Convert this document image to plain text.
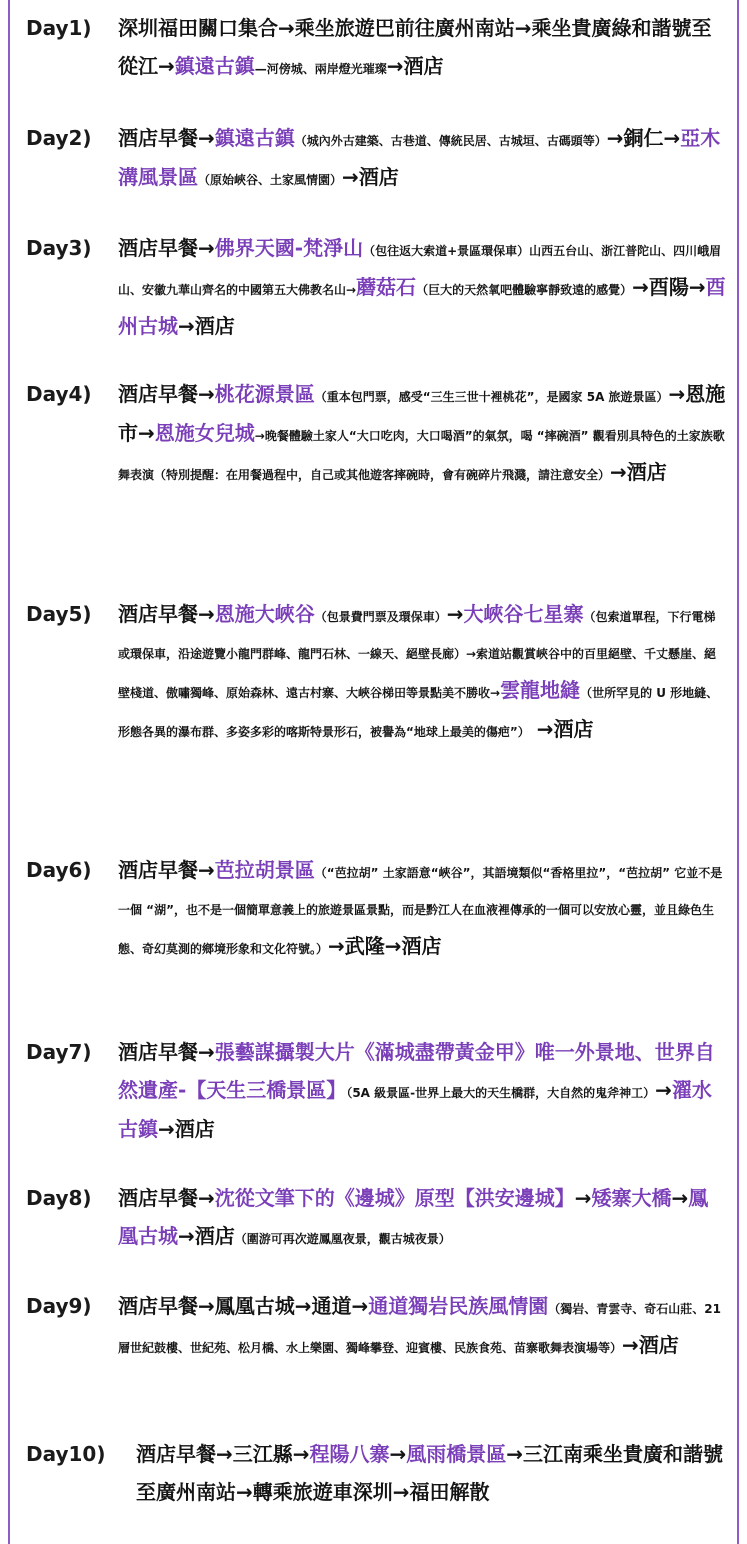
Day1) 深圳福田關口集合→乘坐旅遊巴前往廣州南站→乘坐貴廣綠和諧號至從江→鎮遠古鎮—河傍城、兩岸燈光璀璨→酒店
Day2) 酒店早餐→鎮遠古鎮（城內外古建築、古巷道、傳統民居、古城垣、古碼頭等）→銅仁→亞木溝風景區（原始峽谷、土家風情園）→酒店
Day3) 酒店早餐→佛界天國-梵淨山（包往返大索道+景區環保車）山西五台山、浙江普陀山、四川峨眉山、安徽九華山齊名的中國第五大佛教名山→蘑菇石（巨大的天然氧吧體驗寧靜致遠的感覺）→酉陽→酉州古城→酒店
Day4) 酒店早餐→桃花源景區（重本包門票，感受“三生三世十裡桃花”，是國家 5A 旅遊景區）→恩施市→恩施女兒城→晚餐體驗土家人“大口吃肉，大口喝酒”的氣氛，喝 “摔碗酒” 觀看別具特色的土家族歌舞表演（特別提醒：在用餐過程中，自己或其他遊客摔碗時，會有碗碎片飛濺，請注意安全）→酒店
Day5) 酒店早餐→恩施大峽谷（包景費門票及環保車）→大峽谷七星寨（包索道單程，下行電梯或環保車，沿途遊覽小龍門群峰、龍門石林、一線天、絕壁長廊）→索道站觀賞峽谷中的百里絕壁、千丈懸崖、絕壁棧道、傲嘯獨峰、原始森林、遠古村寨、大峽谷梯田等景點美不勝收→雲龍地縫（世所罕見的 U 形地縫、形態各異的瀑布群、多姿多彩的喀斯特景形石，被譽為“地球上最美的傷疤”） →酒店
Day6) 酒店早餐→芭拉胡景區（“芭拉胡” 土家語意“峽谷”，其語境類似“香格里拉”，“芭拉胡” 它並不是一個 “湖”，也不是一個簡單意義上的旅遊景區景點，而是黔江人在血液裡傳承的一個可以安放心靈，並且綠色生態、奇幻莫測的鄉境形象和文化符號。）→武隆→酒店
Day7) 酒店早餐→張藝謀攝製大片《滿城盡帶黃金甲》唯一外景地、世界自然遺產-【天生三橋景區】（5A 級景區-世界上最大的天生橋群，大自然的鬼斧神工）→濯水古鎮→酒店
Day8) 酒店早餐→沈從文筆下的《邊城》原型【洪安邊城】→矮寨大橋→鳳凰古城→酒店（圍游可再次遊鳳凰夜景，觀古城夜景）
Day9) 酒店早餐→鳳凰古城→通道→通道獨岩民族風情園（獨岩、青雲寺、奇石山莊、21 層世紀鼓樓、世紀苑、松月橋、水上樂園、獨峰攀登、迎賓樓、民族食苑、苗寨歌舞表演場等）→酒店
Day10) 酒店早餐→三江縣→程陽八寨→風雨橋景區→三江南乘坐貴廣和諧號至廣州南站→轉乘旅遊車深圳→福田解散
